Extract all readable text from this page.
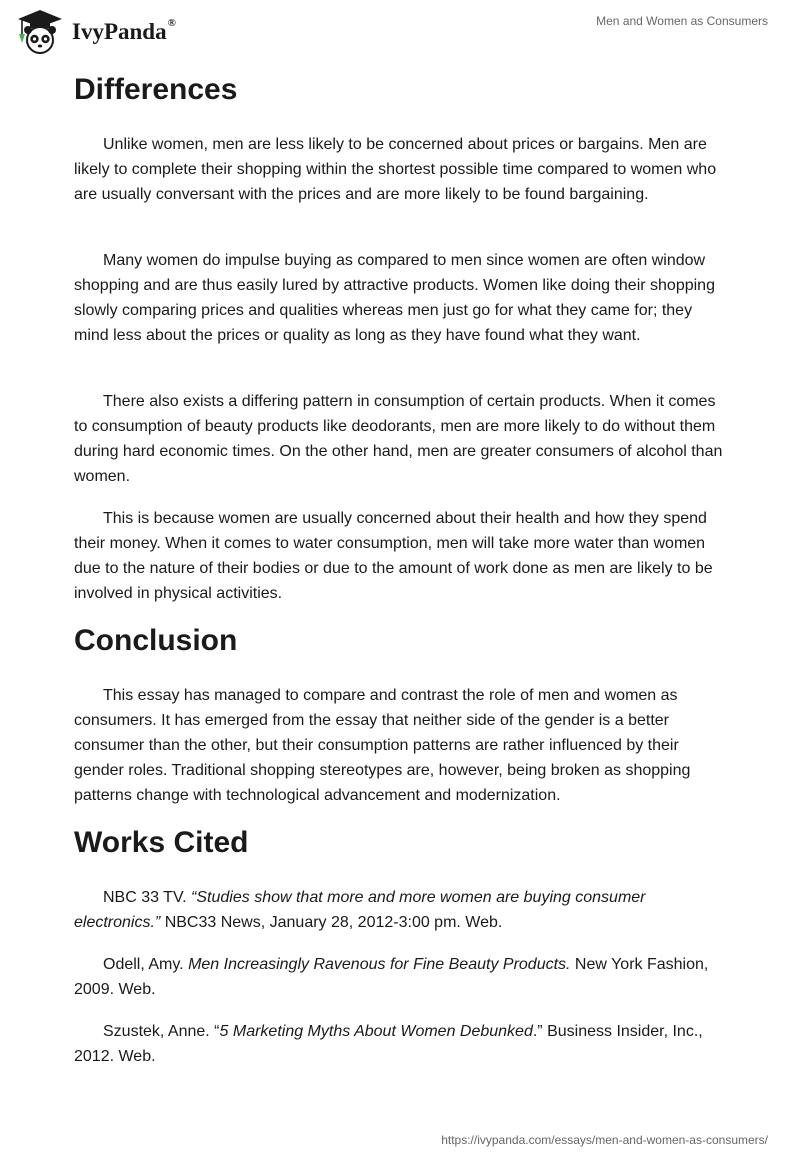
IvyPanda®	Men and Women as Consumers
Differences

Unlike women, men are less likely to be concerned about prices or bargains. Men are likely to complete their shopping within the shortest possible time compared to women who are usually conversant with the prices and are more likely to be found bargaining.

Many women do impulse buying as compared to men since women are often window shopping and are thus easily lured by attractive products. Women like doing their shopping slowly comparing prices and qualities whereas men just go for what they came for; they mind less about the prices or quality as long as they have found what they want.

There also exists a differing pattern in consumption of certain products. When it comes to consumption of beauty products like deodorants, men are more likely to do without them during hard economic times. On the other hand, men are greater consumers of alcohol than women.

This is because women are usually concerned about their health and how they spend their money. When it comes to water consumption, men will take more water than women due to the nature of their bodies or due to the amount of work done as men are likely to be involved in physical activities.

Conclusion

This essay has managed to compare and contrast the role of men and women as consumers. It has emerged from the essay that neither side of the gender is a better consumer than the other, but their consumption patterns are rather influenced by their gender roles. Traditional shopping stereotypes are, however, being broken as shopping patterns change with technological advancement and modernization.

Works Cited

NBC 33 TV. “Studies show that more and more women are buying consumer electronics.” NBC33 News, January 28, 2012-3:00 pm. Web.

Odell, Amy. Men Increasingly Ravenous for Fine Beauty Products. New York Fashion, 2009. Web.

Szustek, Anne. “5 Marketing Myths About Women Debunked.” Business Insider, Inc., 2012. Web.

https://ivypanda.com/essays/men-and-women-as-consumers/
